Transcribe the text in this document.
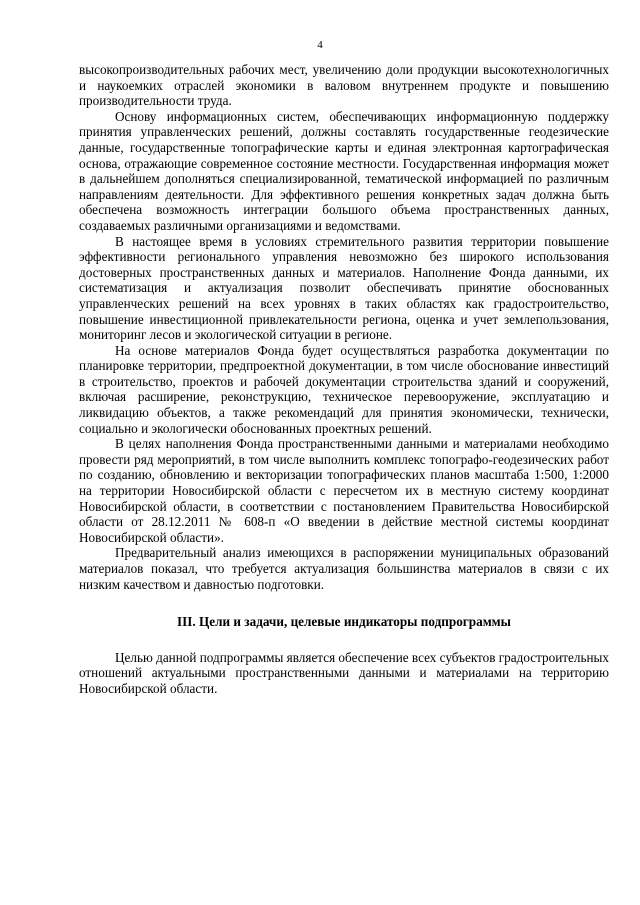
4

высокопроизводительных рабочих мест, увеличению доли продукции высокотехнологичных и наукоемких отраслей экономики в валовом внутреннем продукте и повышению производительности труда.

Основу информационных систем, обеспечивающих информационную поддержку принятия управленческих решений, должны составлять государственные геодезические данные, государственные топографические карты и единая электронная картографическая основа, отражающие современное состояние местности. Государственная информация может в дальнейшем дополняться специализированной, тематической информацией по различным направлениям деятельности. Для эффективного решения конкретных задач должна быть обеспечена возможность интеграции большого объема пространственных данных, создаваемых различными организациями и ведомствами.

В настоящее время в условиях стремительного развития территории повышение эффективности регионального управления невозможно без широкого использования достоверных пространственных данных и материалов. Наполнение Фонда данными, их систематизация и актуализация позволит обеспечивать принятие обоснованных управленческих решений на всех уровнях в таких областях как градостроительство, повышение инвестиционной привлекательности региона, оценка и учет землепользования, мониторинг лесов и экологической ситуации в регионе.

На основе материалов Фонда будет осуществляться разработка документации по планировке территории, предпроектной документации, в том числе обоснование инвестиций в строительство, проектов и рабочей документации строительства зданий и сооружений, включая расширение, реконструкцию, техническое перевооружение, эксплуатацию и ликвидацию объектов, а также рекомендаций для принятия экономически, технически, социально и экологически обоснованных проектных решений.

В целях наполнения Фонда пространственными данными и материалами необходимо провести ряд мероприятий, в том числе выполнить комплекс топографо-геодезических работ по созданию, обновлению и векторизации топографических планов масштаба 1:500, 1:2000 на территории Новосибирской области с пересчетом их в местную систему координат Новосибирской области, в соответствии с постановлением Правительства Новосибирской области от 28.12.2011 № 608-п «О введении в действие местной системы координат Новосибирской области».

Предварительный анализ имеющихся в распоряжении муниципальных образований материалов показал, что требуется актуализация большинства материалов в связи с их низким качеством и давностью подготовки.

III. Цели и задачи, целевые индикаторы подпрограммы

Целью данной подпрограммы является обеспечение всех субъектов градостроительных отношений актуальными пространственными данными и материалами на территорию Новосибирской области.
